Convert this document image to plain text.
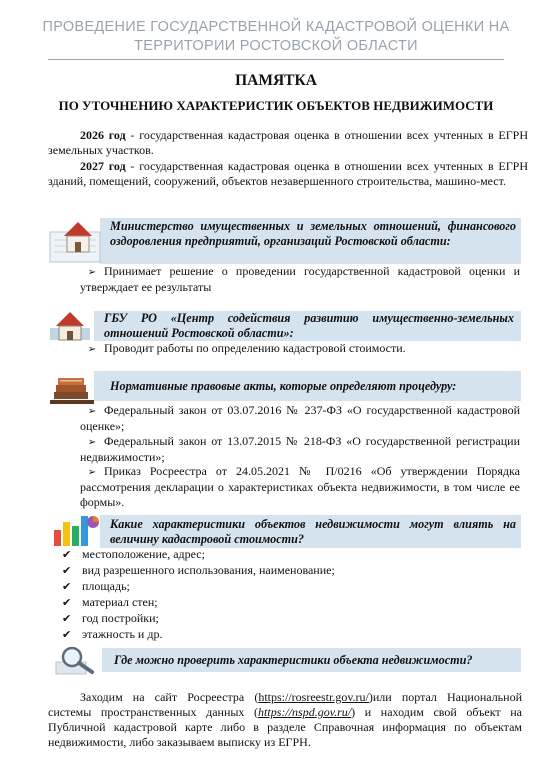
ПРОВЕДЕНИЕ ГОСУДАРСТВЕННОЙ КАДАСТРОВОЙ ОЦЕНКИ НА
ТЕРРИТОРИИ РОСТОВСКОЙ ОБЛАСТИ
ПАМЯТКА
ПО УТОЧНЕНИЮ ХАРАКТЕРИСТИК ОБЪЕКТОВ НЕДВИЖИМОСТИ
2026 год - государственная кадастровая оценка в отношении всех учтенных в ЕГРН земельных участков.
2027 год - государственная кадастровая оценка в отношении всех учтенных в ЕГРН зданий, помещений, сооружений, объектов незавершенного строительства, машино-мест.
Министерство имущественных и земельных отношений, финансового оздоровления предприятий, организаций Ростовской области:
➢ Принимает решение о проведении государственной кадастровой оценки и утверждает ее результаты
ГБУ РО «Центр содействия развитию имущественно-земельных отношений Ростовской области»:
➢ Проводит работы по определению кадастровой стоимости.
Нормативные правовые акты, которые определяют процедуру:
➢ Федеральный закон от 03.07.2016 № 237-ФЗ «О государственной кадастровой оценке»;
➢ Федеральный закон от 13.07.2015 № 218-ФЗ «О государственной регистрации недвижимости»;
➢ Приказ Росреестра от 24.05.2021 № П/0216 «Об утверждении Порядка рассмотрения декларации о характеристиках объекта недвижимости, в том числе ее формы».
Какие характеристики объектов недвижимости могут влиять на величину кадастровой стоимости?
✔ местоположение, адрес;
✔ вид разрешенного использования, наименование;
✔ площадь;
✔ материал стен;
✔ год постройки;
✔ этажность и др.
Где можно проверить характеристики объекта недвижимости?
Заходим на сайт Росреестра (https://rosreestr.gov.ru/)или портал Национальной системы пространственных данных (https://nspd.gov.ru/) и находим свой объект на Публичной кадастровой карте либо в разделе Справочная информация по объектам недвижимости, либо заказываем выписку из ЕГРН.
